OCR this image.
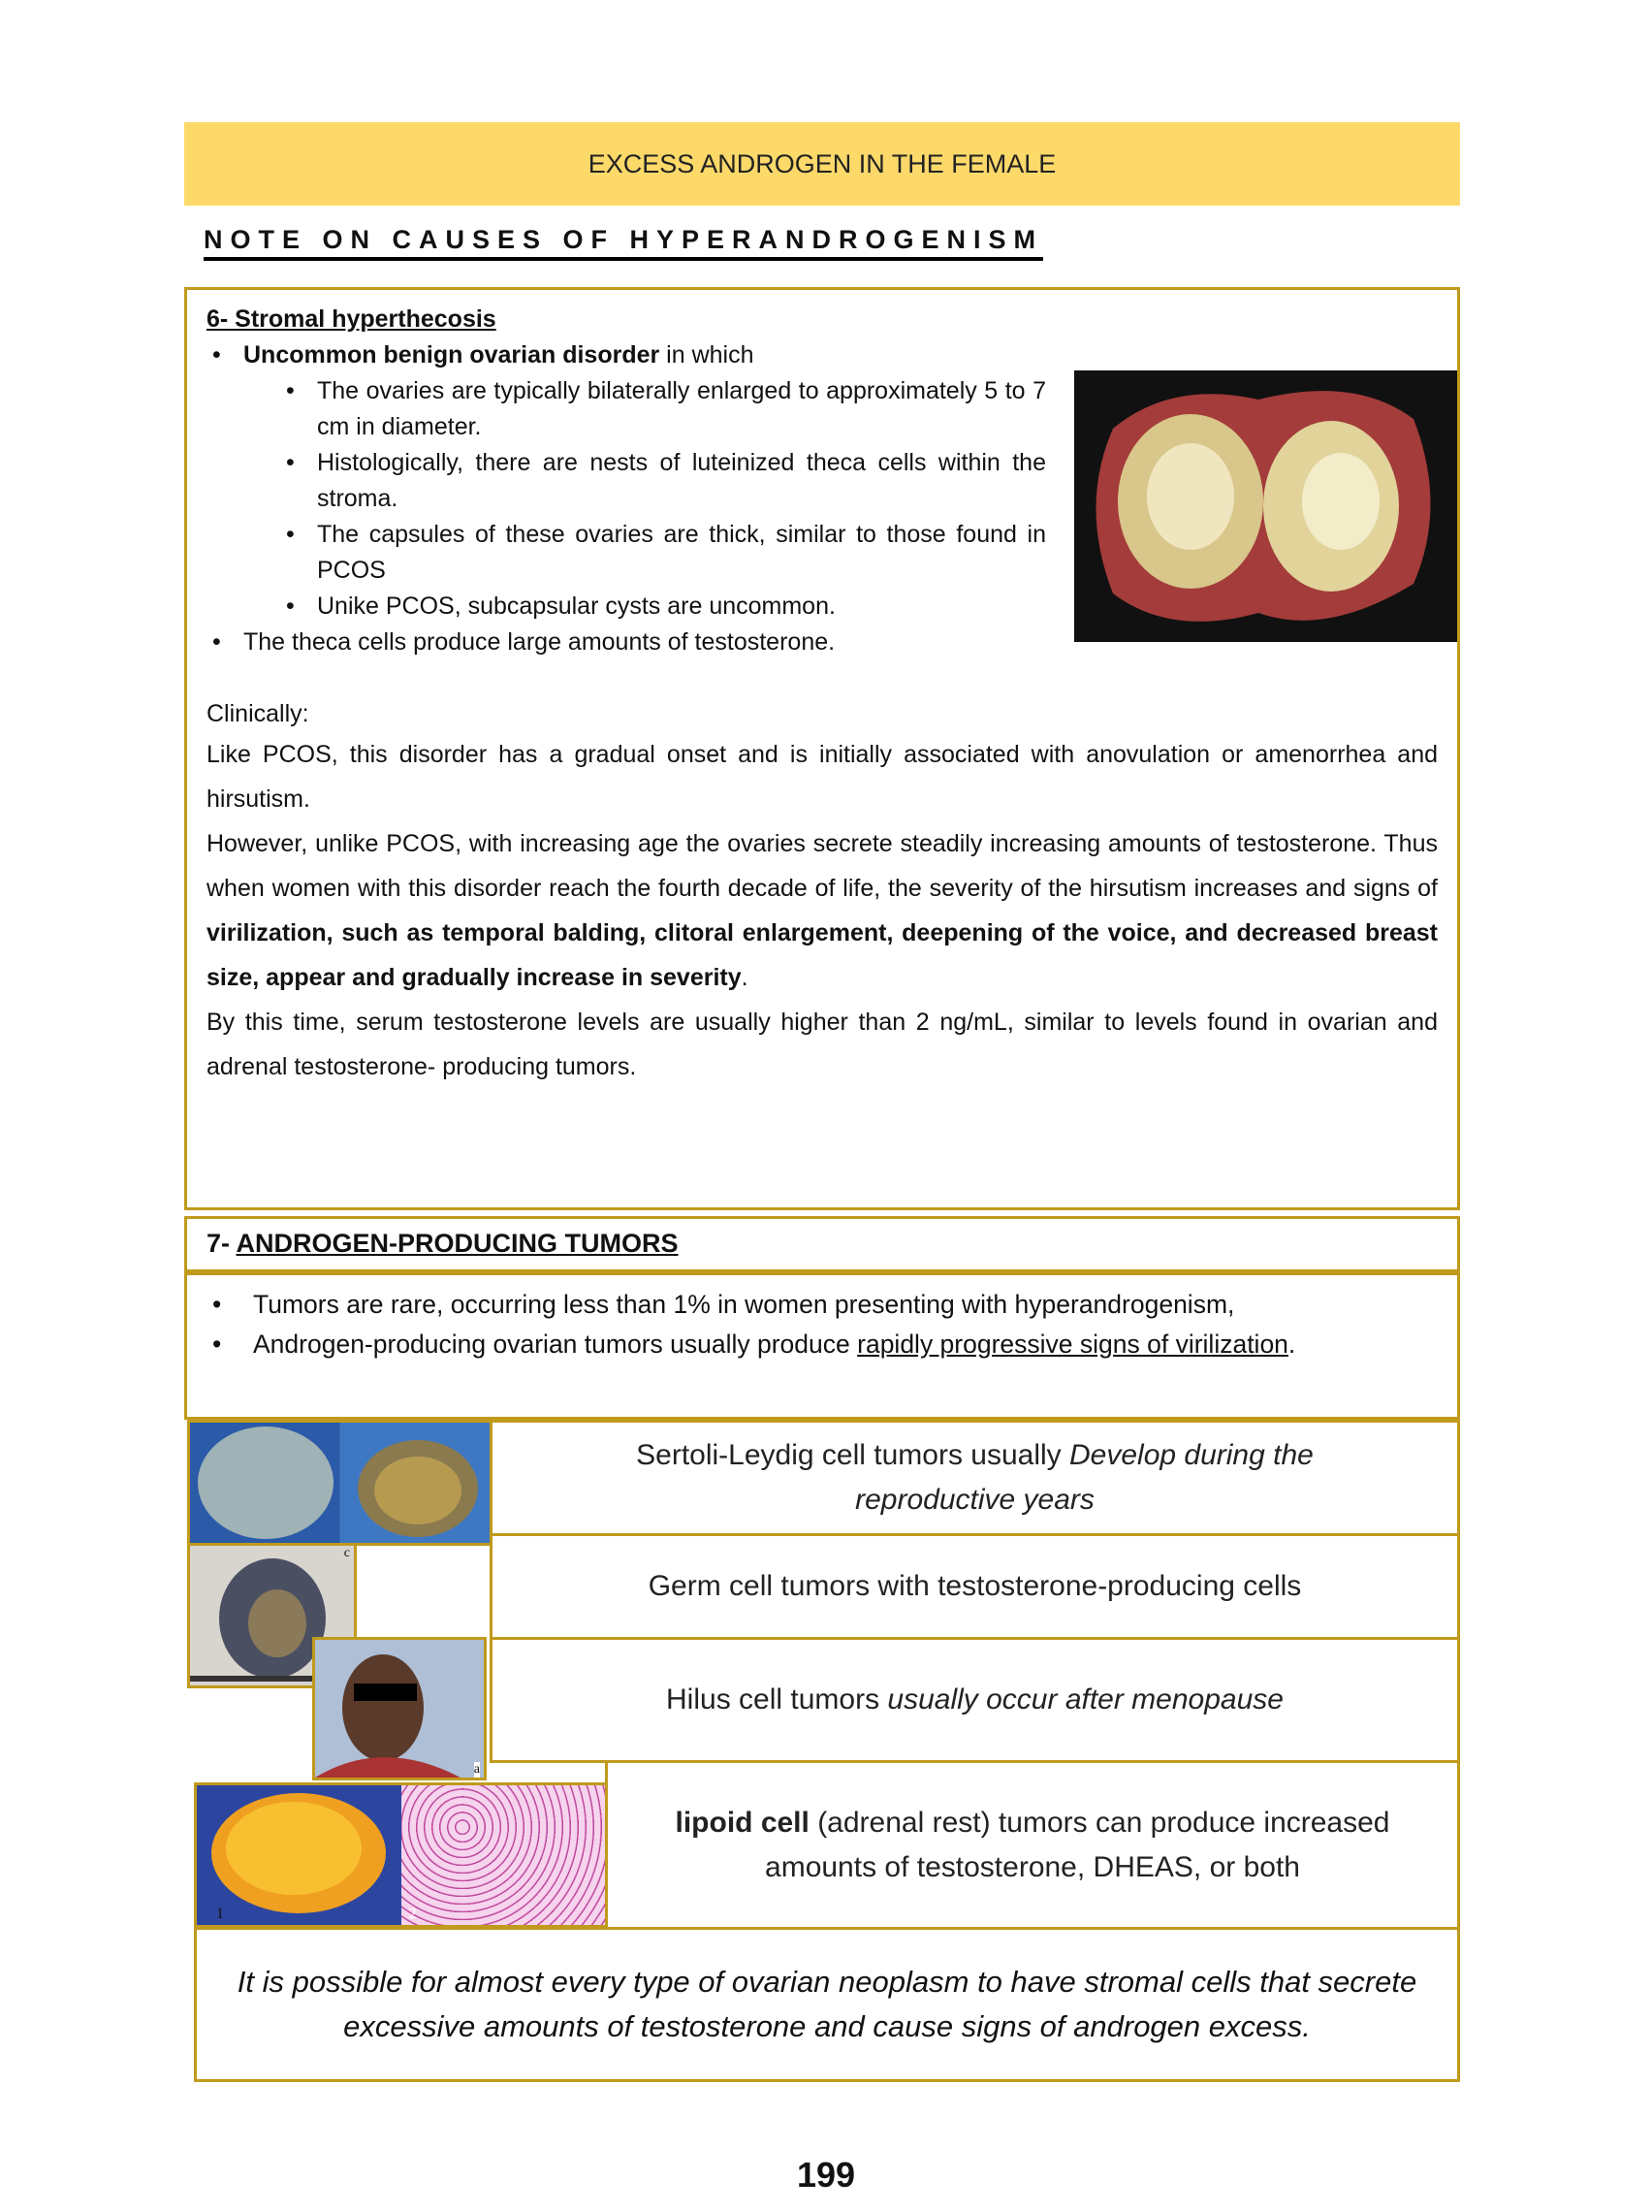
EXCESS ANDROGEN IN THE FEMALE
NOTE ON CAUSES OF HYPERANDROGENISM
6- Stromal hyperthecosis
• Uncommon benign ovarian disorder in which
• The ovaries are typically bilaterally enlarged to approximately 5 to 7 cm in diameter.
• Histologically, there are nests of luteinized theca cells within the stroma.
• The capsules of these ovaries are thick, similar to those found in PCOS
• Unike PCOS, subcapsular cysts are uncommon.
• The theca cells produce large amounts of testosterone.
Clinically:
Like PCOS, this disorder has a gradual onset and is initially associated with anovulation or amenorrhea and hirsutism.
However, unlike PCOS, with increasing age the ovaries secrete steadily increasing amounts of testosterone. Thus when women with this disorder reach the fourth decade of life, the severity of the hirsutism increases and signs of virilization, such as temporal balding, clitoral enlargement, deepening of the voice, and decreased breast size, appear and gradually increase in severity.
By this time, serum testosterone levels are usually higher than 2 ng/mL, similar to levels found in ovarian and adrenal testosterone- producing tumors.
7- ANDROGEN-PRODUCING TUMORS
• Tumors are rare, occurring less than 1% in women presenting with hyperandrogenism,
• Androgen-producing ovarian tumors usually produce rapidly progressive signs of virilization.
Sertoli-Leydig cell tumors usually Develop during the reproductive years
Germ cell tumors with testosterone-producing cells
Hilus cell tumors usually occur after menopause
lipoid cell (adrenal rest) tumors can produce increased amounts of testosterone, DHEAS, or both
c
a
1	2
It is possible for almost every type of ovarian neoplasm to have stromal cells that secrete excessive amounts of testosterone and cause signs of androgen excess.
199
